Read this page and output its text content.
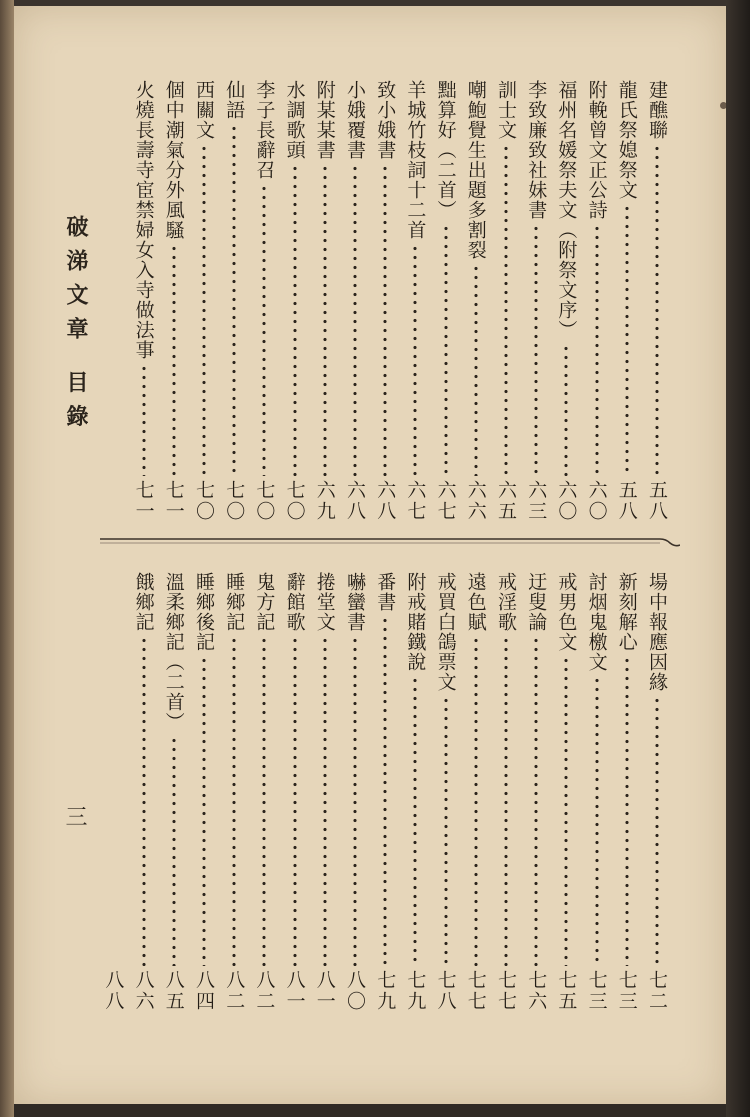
破涕文章 目錄
三
建醮聯
五八
龍氏祭媳祭文
五八
附輓曾文正公詩
六〇
福州名媛祭夫文（附祭文序）
六〇
李致廉致社妹書
六三
訓士文
六五
嘲鮑覺生出題多割裂
六六
黜算好（二首）
六七
羊城竹枝詞十二首
六七
致小娥書
六八
小娥覆書
六八
附某某書
六九
水調歌頭
七〇
李子長辭召
七〇
仙語
七〇
西關文
七〇
個中潮氣分外風騷
七一
火燒長壽寺宦禁婦女入寺做法事
七一
場中報應因緣
七二
新刻解心
七三
討烟鬼檄文
七三
戒男色文
七五
迂叟論
七六
戒淫歌
七七
遠色賦
七七
戒買白鴿票文
七八
附戒賭鐵說
七九
番書
七九
嚇蠻書
八〇
捲堂文
八一
辭館歌
八一
鬼方記
八二
睡鄉記
八二
睡鄉後記
八四
溫柔鄉記（二首）
八五
餓鄉記
八六
八八
